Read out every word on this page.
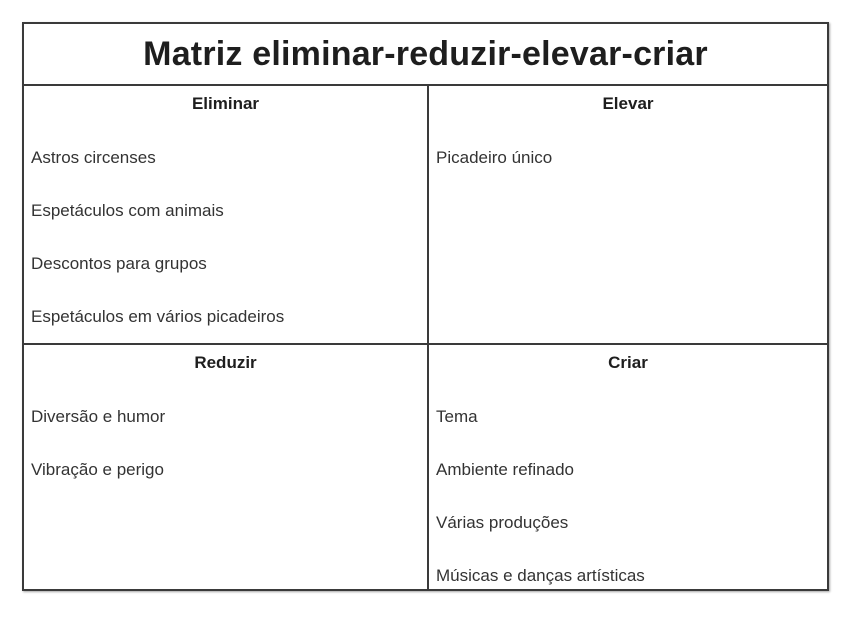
Matriz eliminar-reduzir-elevar-criar
Eliminar
Astros circenses
Espetáculos com animais
Descontos para grupos
Espetáculos em vários picadeiros
Elevar
Picadeiro único
Reduzir
Diversão e humor
Vibração e perigo
Criar
Tema
Ambiente refinado
Várias produções
Músicas e danças artísticas
